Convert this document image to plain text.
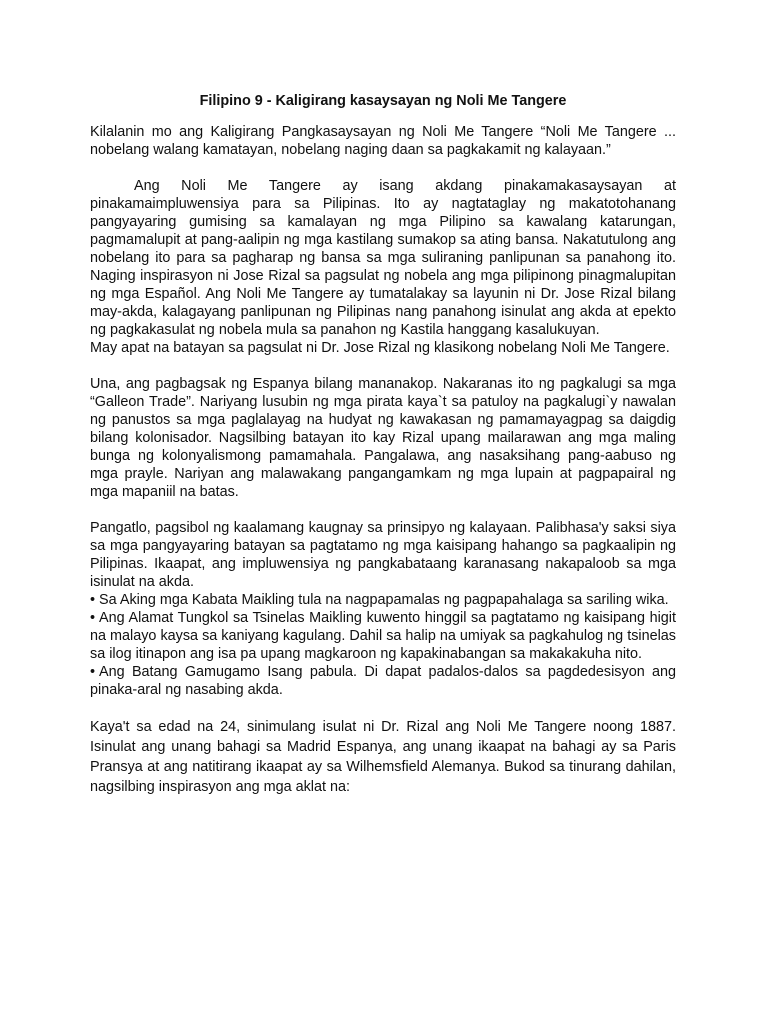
Filipino 9 - Kaligirang kasaysayan ng Noli Me Tangere

Kilalanin mo ang Kaligirang Pangkasaysayan ng Noli Me Tangere “Noli Me Tangere ... nobelang walang kamatayan, nobelang naging daan sa pagkakamit ng kalayaan.”

Ang Noli Me Tangere ay isang akdang pinakamakasaysayan at pinakamaimpluwensiya para sa Pilipinas. Ito ay nagtataglay ng makatotohanang pangyayaring gumising sa kamalayan ng mga Pilipino sa kawalang katarungan, pagmamalupit at pang-aalipin ng mga kastilang sumakop sa ating bansa. Nakatutulong ang nobelang ito para sa pagharap ng bansa sa mga suliraning panlipunan sa panahong ito. Naging inspirasyon ni Jose Rizal sa pagsulat ng nobela ang mga pilipinong pinagmalupitan ng mga Español. Ang Noli Me Tangere ay tumatalakay sa layunin ni Dr. Jose Rizal bilang may-akda, kalagayang panlipunan ng Pilipinas nang panahong isinulat ang akda at epekto ng pagkakasulat ng nobela mula sa panahon ng Kastila hanggang kasalukuyan.

May apat na batayan sa pagsulat ni Dr. Jose Rizal ng klasikong nobelang Noli Me Tangere.

Una, ang pagbagsak ng Espanya bilang mananakop. Nakaranas ito ng pagkalugi sa mga “Galleon Trade”. Nariyang lusubin ng mga pirata kaya`t sa patuloy na pagkalugi`y nawalan ng panustos sa mga paglalayag na hudyat ng kawakasan ng pamamayagpag sa daigdig bilang kolonisador. Nagsilbing batayan ito kay Rizal upang mailarawan ang mga maling bunga ng kolonyalismong pamamahala. Pangalawa, ang nasaksihang pang-aabuso ng mga prayle. Nariyan ang malawakang pangangamkam ng mga lupain at pagpapairal ng mga mapaniil na batas.

Pangatlo, pagsibol ng kaalamang kaugnay sa prinsipyo ng kalayaan. Palibhasa'y saksi siya sa mga pangyayaring batayan sa pagtatamo ng mga kaisipang hahango sa pagkaalipin ng Pilipinas. Ikaapat, ang impluwensiya ng pangkabataang karanasang nakapaloob sa mga isinulat na akda.

• Sa Aking mga Kabata Maikling tula na nagpapamalas ng pagpapahalaga sa sariling wika.

• Ang Alamat Tungkol sa Tsinelas Maikling kuwento hinggil sa pagtatamo ng kaisipang higit na malayo kaysa sa kaniyang kagulang. Dahil sa halip na umiyak sa pagkahulog ng tsinelas sa ilog itinapon ang isa pa upang magkaroon ng kapakinabangan sa makakakuha nito.

• Ang Batang Gamugamo Isang pabula. Di dapat padalos-dalos sa pagdedesisyon ang pinaka-aral ng nasabing akda.

Kaya't sa edad na 24, sinimulang isulat ni Dr. Rizal ang Noli Me Tangere noong 1887. Isinulat ang unang bahagi sa Madrid Espanya, ang unang ikaapat na bahagi ay sa Paris Pransya at ang natitirang ikaapat ay sa Wilhemsfield Alemanya. Bukod sa tinurang dahilan, nagsilbing inspirasyon ang mga aklat na:
